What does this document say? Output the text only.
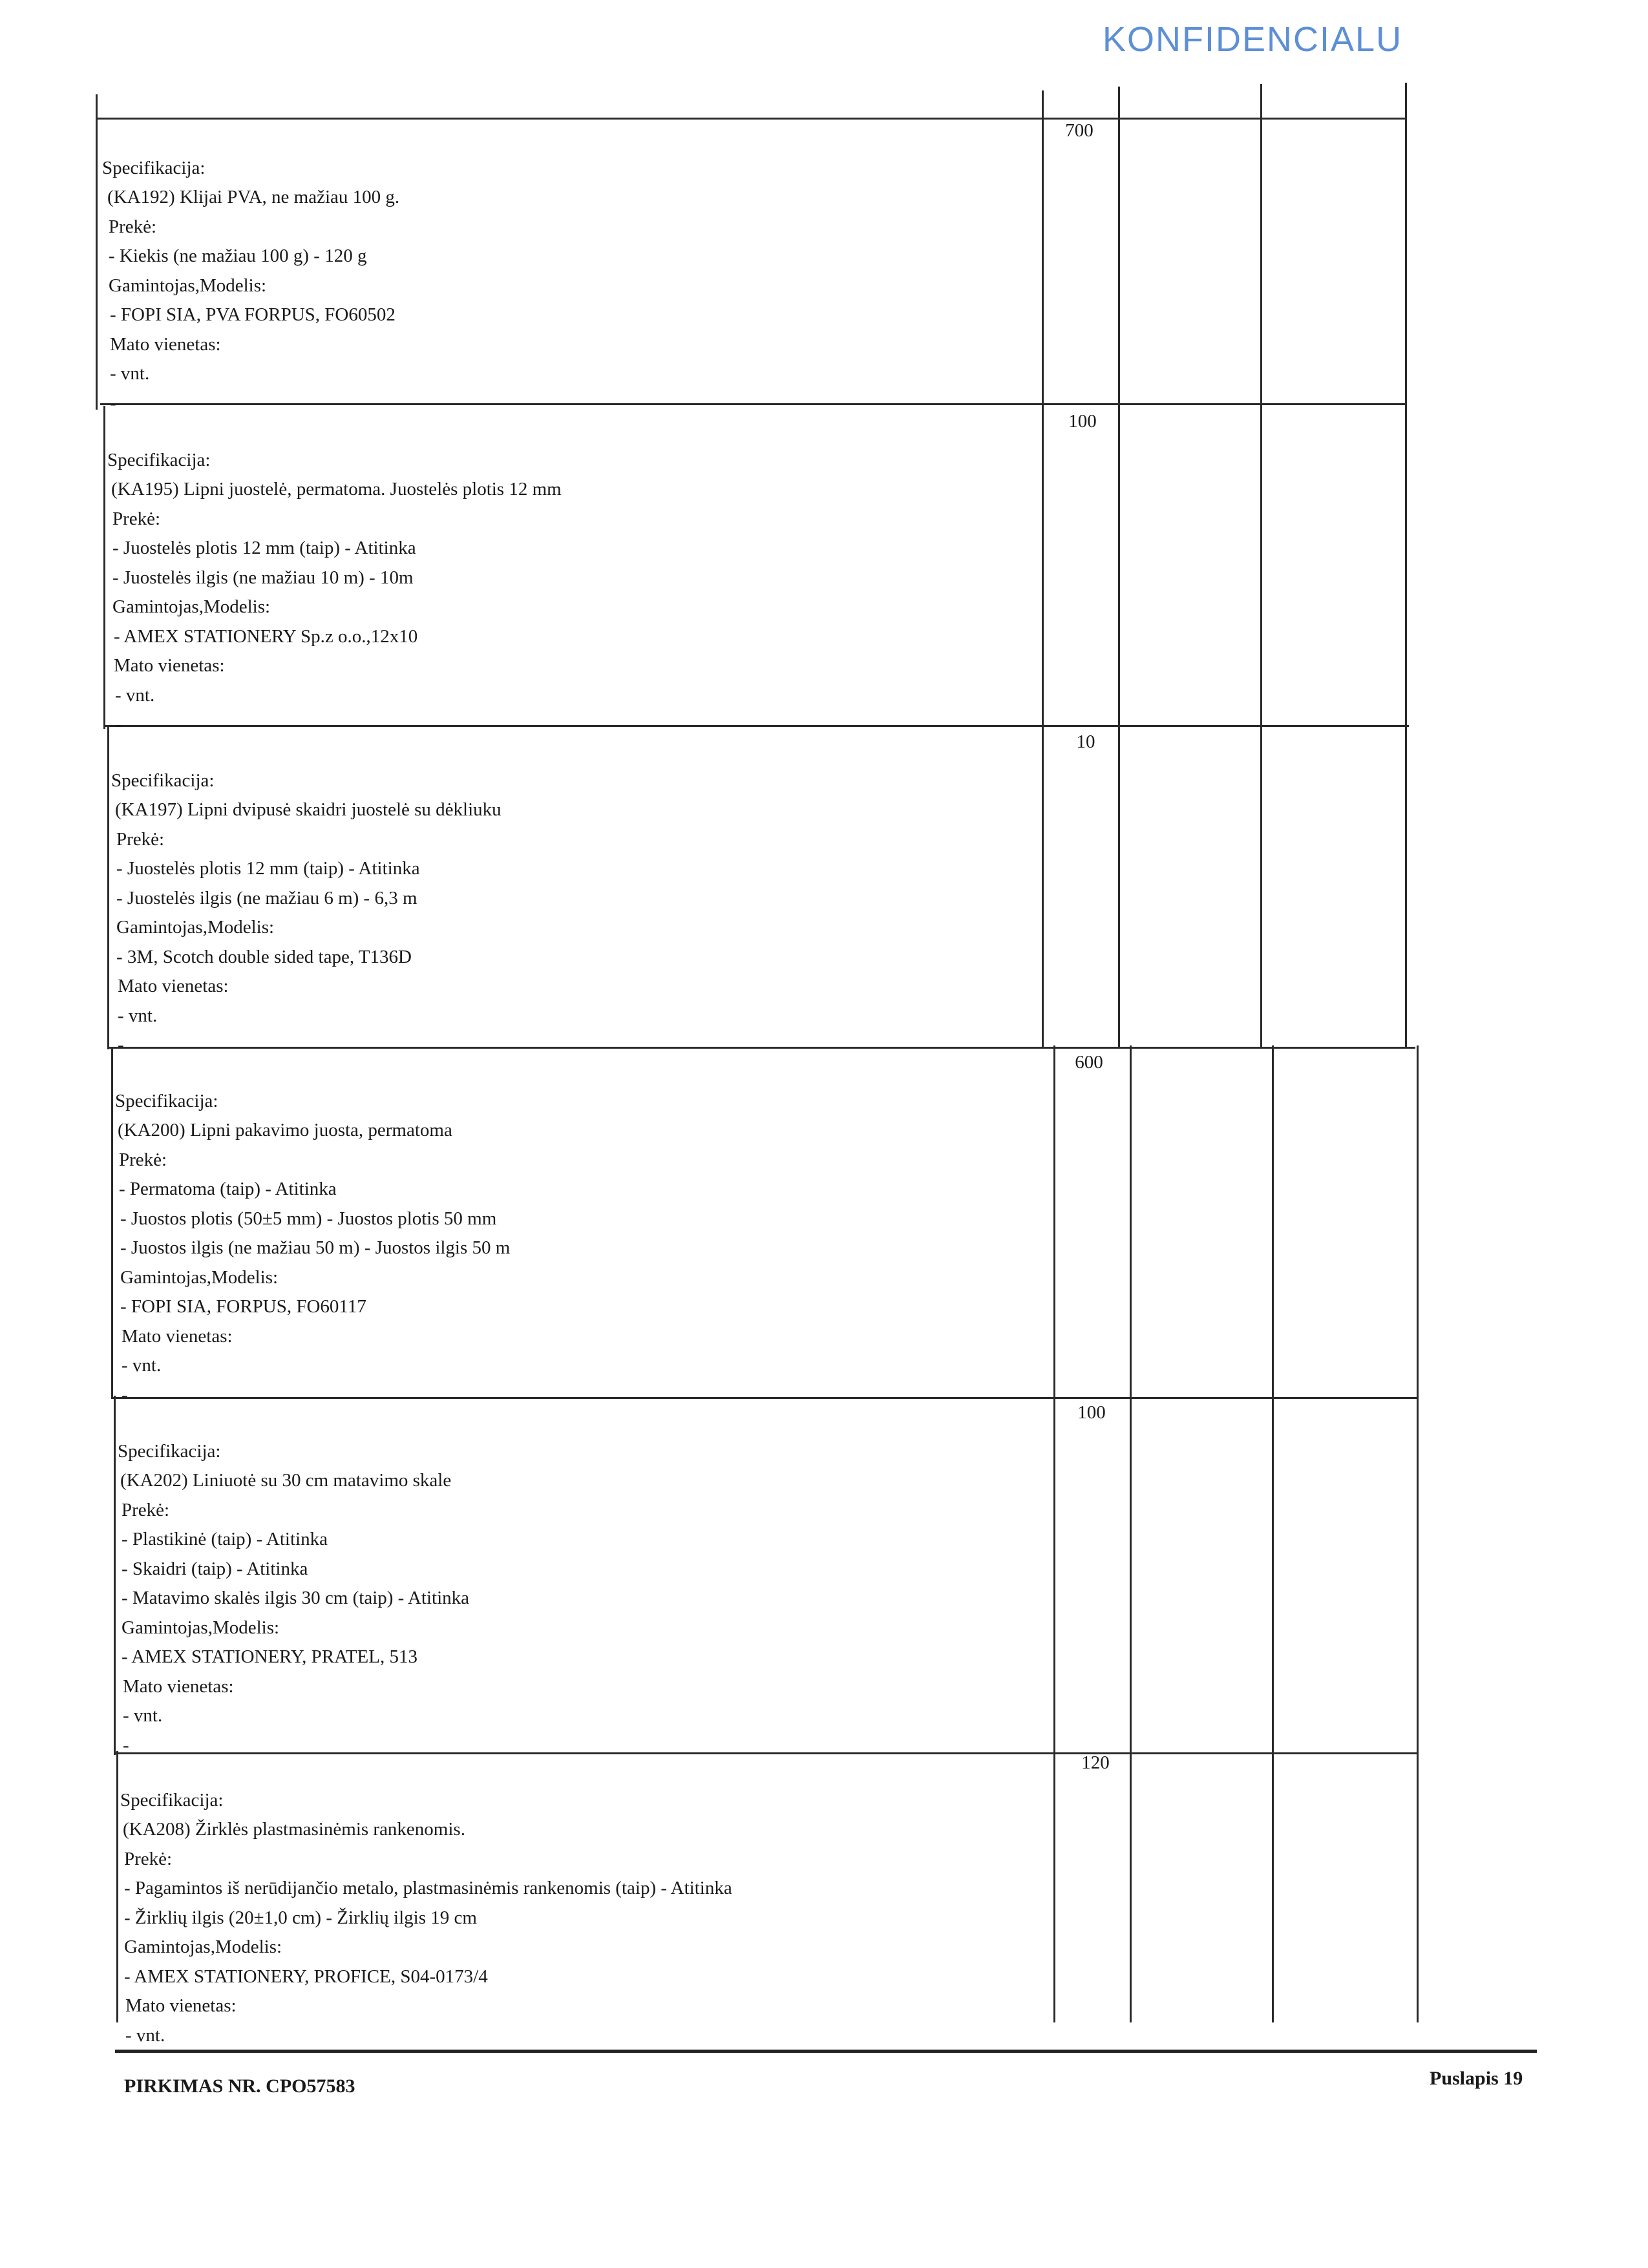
KONFIDENCIALU
700

Specifikacija:
(KA192) Klijai PVA, ne mažiau 100 g.
Prekė:
- Kiekis (ne mažiau 100 g) - 120 g
Gamintojas,Modelis:
- FOPI SIA, PVA FORPUS, FO60502
Mato vienetas:
- vnt.
-

100

Specifikacija:
(KA195) Lipni juostelė, permatoma. Juostelės plotis 12 mm
Prekė:
- Juostelės plotis 12 mm (taip) - Atitinka
- Juostelės ilgis (ne mažiau 10 m) - 10m
Gamintojas,Modelis:
- AMEX STATIONERY Sp.z o.o.,12x10
Mato vienetas:
- vnt.
-

10

Specifikacija:
(KA197) Lipni dvipusė skaidri juostelė su dėkliuku
Prekė:
- Juostelės plotis 12 mm (taip) - Atitinka
- Juostelės ilgis (ne mažiau 6 m) - 6,3 m
Gamintojas,Modelis:
- 3M, Scotch double sided tape, T136D
Mato vienetas:
- vnt.
-

600

Specifikacija:
(KA200) Lipni pakavimo juosta, permatoma
Prekė:
- Permatoma (taip) - Atitinka
- Juostos plotis (50±5 mm) - Juostos plotis 50 mm
- Juostos ilgis (ne mažiau 50 m) - Juostos ilgis 50 m
Gamintojas,Modelis:
- FOPI SIA, FORPUS, FO60117
Mato vienetas:
- vnt.
-

100

Specifikacija:
(KA202) Liniuotė su 30 cm matavimo skale
Prekė:
- Plastikinė (taip) - Atitinka
- Skaidri (taip) - Atitinka
- Matavimo skalės ilgis 30 cm (taip) - Atitinka
Gamintojas,Modelis:
- AMEX STATIONERY, PRATEL, 513
Mato vienetas:
- vnt.
-

120

Specifikacija:
(KA208) Žirklės plastmasinėmis rankenomis.
Prekė:
- Pagamintos iš nerūdijančio metalo, plastmasinėmis rankenomis (taip) - Atitinka
- Žirklių ilgis (20±1,0 cm) - Žirklių ilgis 19 cm
Gamintojas,Modelis:
- AMEX STATIONERY, PROFICE, S04-0173/4
Mato vienetas:
- vnt.

PIRKIMAS NR. CPO57583	Puslapis 19
